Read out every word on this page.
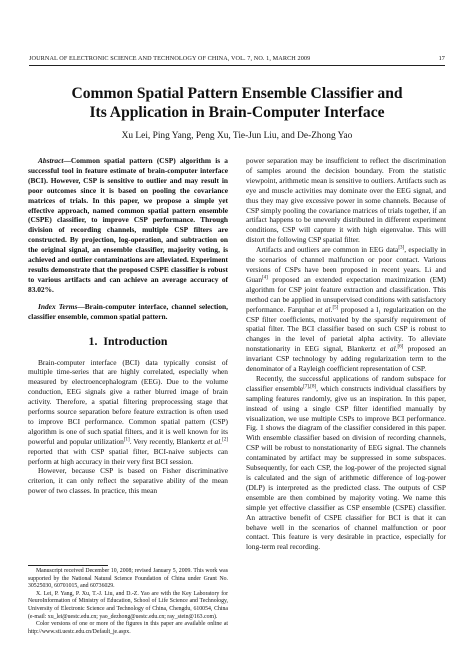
JOURNAL OF ELECTRONIC SCIENCE AND TECHNOLOGY OF CHINA, VOL. 7, NO. 1, MARCH 2009	17
Common Spatial Pattern Ensemble Classifier and
Its Application in Brain-Computer Interface
Xu Lei, Ping Yang, Peng Xu, Tie-Jun Liu, and De-Zhong Yao

Abstract—Common spatial pattern (CSP) algorithm is a successful tool in feature estimate of brain-computer interface (BCI). However, CSP is sensitive to outlier and may result in poor outcomes since it is based on pooling the covariance matrices of trials. In this paper, we propose a simple yet effective approach, named common spatial pattern ensemble (CSPE) classifier, to improve CSP performance. Through division of recording channels, multiple CSP filters are constructed. By projection, log-operation, and subtraction on the original signal, an ensemble classifier, majority voting, is achieved and outlier contaminations are alleviated. Experiment results demonstrate that the proposed CSPE classifier is robust to various artifacts and can achieve an average accuracy of 83.02%.

Index Terms—Brain-computer interface, channel selection, classifier ensemble, common spatial pattern.

1. Introduction

Brain-computer interface (BCI) data typically consist of multiple time-series that are highly correlated, especially when measured by electroencephalogram (EEG). Due to the volume conduction, EEG signals give a rather blurred image of brain activity. Therefore, a spatial filtering preprocessing stage that performs source separation before feature extraction is often used to improve BCI performance. Common spatial pattern (CSP) algorithm is one of such spatial filters, and it is well known for its powerful and popular utilization[1]. Very recently, Blankertz et al.[2] reported that with CSP spatial filter, BCI-naive subjects can perform at high accuracy in their very first BCI session.

However, because CSP is based on Fisher discriminative criterion, it can only reflect the separative ability of the mean power of two classes. In practice, this mean

Manuscript received December 10, 2008; revised January 5, 2009. This work was supported by the National Natural Science Foundation of China under Grant No. 30525030, 60701015, and 60736029.

X. Lei, P. Yang, P. Xu, T.-J. Liu, and D.-Z. Yao are with the Key Laboratory for NeuroInformation of Ministry of Education, School of Life Science and Technology, University of Electronic Science and Technology of China, Chengdu, 610054, China (e-mail: xu_lei@uestc.edu.cn; yao_dezhong@uestc.edu.cn; ray_stein@163.com).

Color versions of one or more of the figures in this paper are available online at http://www.sti.uestc.edu.cn/Default_je.aspx.

power separation may be insufficient to reflect the discrimination of samples around the decision boundary. From the statistic viewpoint, arithmetic mean is sensitive to outliers. Artifacts such as eye and muscle activities may dominate over the EEG signal, and thus they may give excessive power in some channels. Because of CSP simply pooling the covariance matrices of trials together, if an artifact happens to be unevenly distributed in different experiment conditions, CSP will capture it with high eigenvalue. This will distort the following CSP spatial filter.

Artifacts and outliers are common in EEG data[3], especially in the scenarios of channel malfunction or poor contact. Various versions of CSPs have been proposed in recent years. Li and Guan[4] proposed an extended expectation maximization (EM) algorithm for CSP joint feature extraction and classification. This method can be applied in unsupervised conditions with satisfactory performance. Farquhar et al.[5] proposed a l₁ regularization on the CSP filter coefficients, motivated by the sparsify requirement of spatial filter. The BCI classifier based on such CSP is robust to changes in the level of parietal alpha activity. To alleviate nonstationarity in EEG signal, Blankertz et al.[6] proposed an invariant CSP technology by adding regularization term to the denominator of a Rayleigh coefficient representation of CSP.

Recently, the successful applications of random subspace for classifier ensemble[7],[8], which constructs individual classifiers by sampling features randomly, give us an inspiration. In this paper, instead of using a single CSP filter identified manually by visualization, we use multiple CSPs to improve BCI performance. Fig. 1 shows the diagram of the classifier considered in this paper. With ensemble classifier based on division of recording channels, CSP will be robust to nonstationarity of EEG signal. The channels contaminated by artifact may be suppressed in some subspaces. Subsequently, for each CSP, the log-power of the projected signal is calculated and the sign of arithmetic difference of log-power (DLP) is interpreted as the predicted class. The outputs of CSP ensemble are then combined by majority voting. We name this simple yet effective classifier as CSP ensemble (CSPE) classifier. An attractive benefit of CSPE classifier for BCI is that it can behave well in the scenarios of channel malfunction or poor contact. This feature is very desirable in practice, especially for long-term real recording.
